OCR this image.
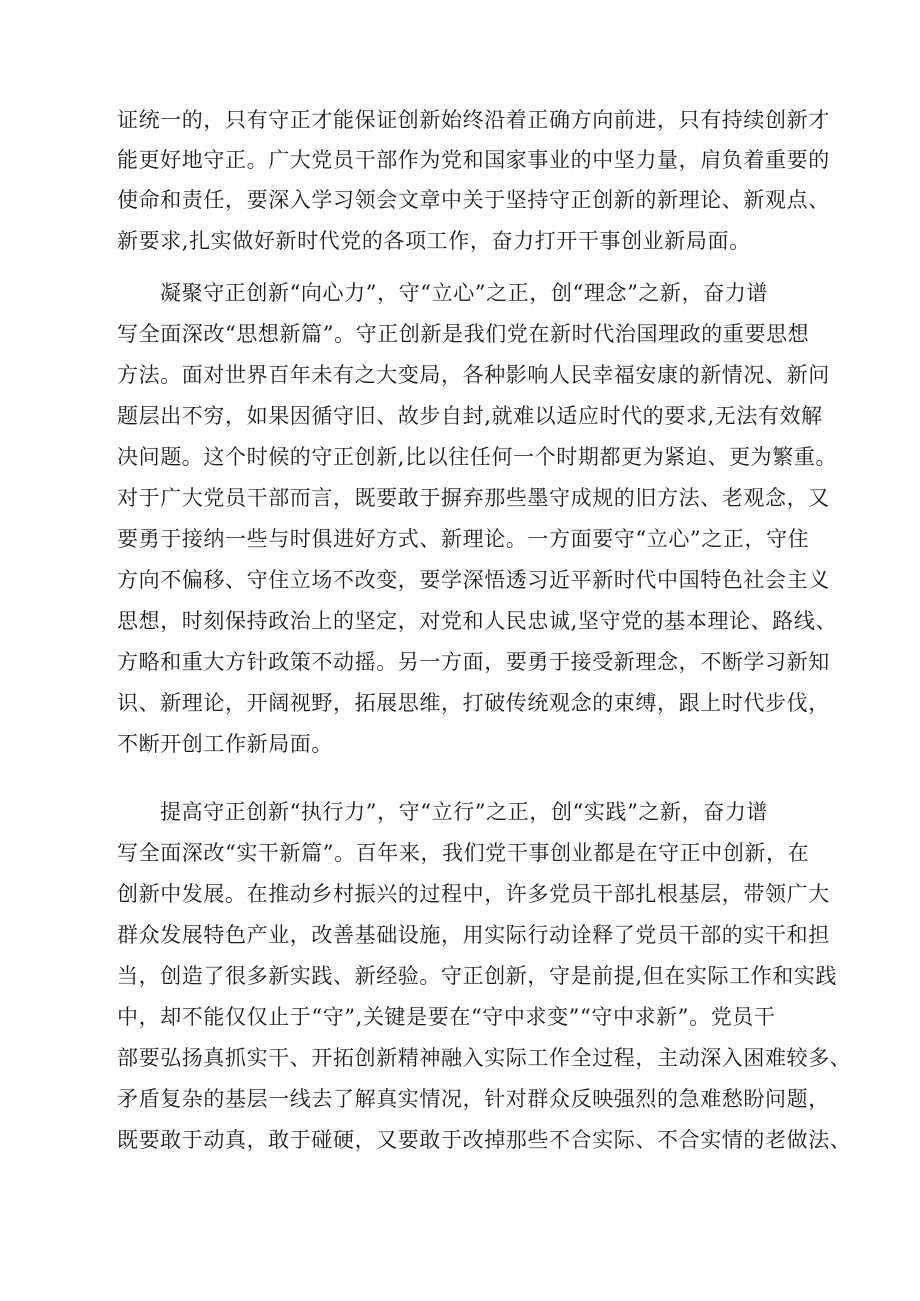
证统一的，只有守正才能保证创新始终沿着正确方向前进，只有持续创新才

能更好地守正。广大党员干部作为党和国家事业的中坚力量，肩负着重要的

使命和责任，要深入学习领会文章中关于坚持守正创新的新理论、新观点、

新要求,扎实做好新时代党的各项工作，奋力打开干事创业新局面。

凝聚守正创新“向心力”，守“立心”之正，创“理念”之新，奋力谱

写全面深改“思想新篇”。守正创新是我们党在新时代治国理政的重要思想

方法。面对世界百年未有之大变局，各种影响人民幸福安康的新情况、新问

题层出不穷，如果因循守旧、故步自封,就难以适应时代的要求,无法有效解

决问题。这个时候的守正创新,比以往任何一个时期都更为紧迫、更为繁重。

对于广大党员干部而言，既要敢于摒弃那些墨守成规的旧方法、老观念，又

要勇于接纳一些与时俱进好方式、新理论。一方面要守“立心”之正，守住

方向不偏移、守住立场不改变，要学深悟透习近平新时代中国特色社会主义

思想，时刻保持政治上的坚定，对党和人民忠诚,坚守党的基本理论、路线、

方略和重大方针政策不动摇。另一方面，要勇于接受新理念，不断学习新知

识、新理论，开阔视野，拓展思维，打破传统观念的束缚，跟上时代步伐，

不断开创工作新局面。

提高守正创新“执行力”，守“立行”之正，创“实践”之新，奋力谱

写全面深改“实干新篇”。百年来，我们党干事创业都是在守正中创新，在

创新中发展。在推动乡村振兴的过程中，许多党员干部扎根基层，带领广大

群众发展特色产业，改善基础设施，用实际行动诠释了党员干部的实干和担

当，创造了很多新实践、新经验。守正创新，守是前提,但在实际工作和实践

中，却不能仅仅止于“守”,关键是要在“守中求变”“守中求新”。党员干

部要弘扬真抓实干、开拓创新精神融入实际工作全过程，主动深入困难较多、

矛盾复杂的基层一线去了解真实情况，针对群众反映强烈的急难愁盼问题，

既要敢于动真，敢于碰硬，又要敢于改掉那些不合实际、不合实情的老做法、
